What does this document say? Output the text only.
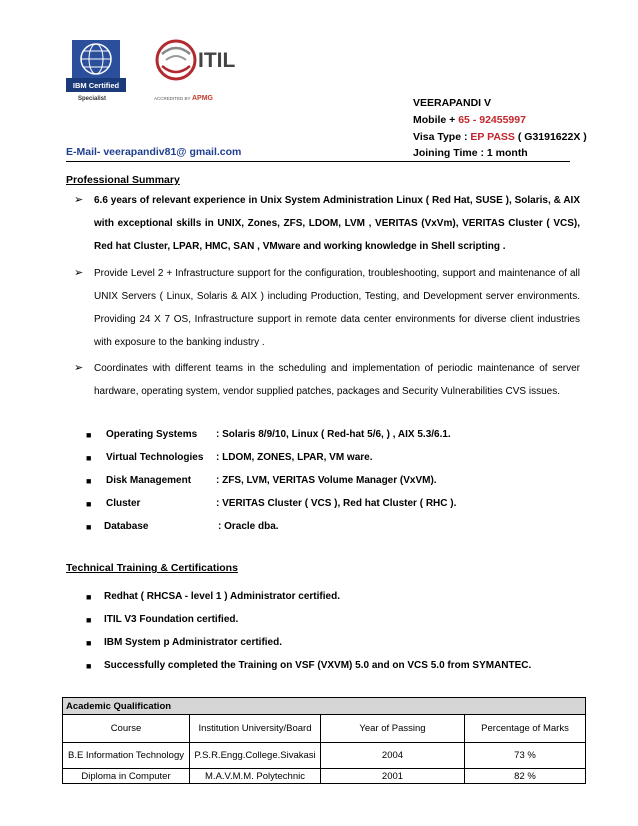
IBM Certified
Specialist
ITIL
ACCREDITED BY APMG	VEERAPANDI V
Mobile + 65 - 92455997
Visa Type : EP PASS ( G3191622X )
Joining Time : 1 month
E-Mail- veerapandiv81@ gmail.com
Professional Summary
➢ 6.6 years of relevant experience in Unix System Administration Linux ( Red Hat, SUSE ), Solaris, & AIX with exceptional skills in UNIX, Zones, ZFS, LDOM, LVM , VERITAS (VxVm), VERITAS Cluster ( VCS), Red hat Cluster, LPAR, HMC, SAN , VMware and working knowledge in Shell scripting .
➢ Provide Level 2 + Infrastructure support for the configuration, troubleshooting, support and maintenance of all UNIX Servers ( Linux, Solaris & AIX ) including Production, Testing, and Development server environments. Providing 24 X 7 OS, Infrastructure support in remote data center environments for diverse client industries with exposure to the banking industry .
➢ Coordinates with different teams in the scheduling and implementation of periodic maintenance of server hardware, operating system, vendor supplied patches, packages and Security Vulnerabilities CVS issues.
■ Operating Systems : Solaris 8/9/10, Linux ( Red-hat 5/6, ) , AIX 5.3/6.1.
■ Virtual Technologies : LDOM, ZONES, LPAR, VM ware.
■ Disk Management : ZFS, LVM, VERITAS Volume Manager (VxVM).
■ Cluster	: VERITAS Cluster ( VCS ), Red hat Cluster ( RHC ).
■ Database	: Oracle dba.
Technical Training & Certifications
■ Redhat ( RHCSA - level 1 ) Administrator certified.
■ ITIL V3 Foundation certified.
■ IBM System p Administrator certified.
■ Successfully completed the Training on VSF (VXVM) 5.0 and on VCS 5.0 from SYMANTEC.
Academic Qualification			
Course	Institution University/Board	Year of Passing	Percentage of Marks
B.E Information Technology	P.S.R.Engg.College.Sivakasi	2004	73 %
Diploma in Computer	M.A.V.M.M. Polytechnic	2001	82 %
